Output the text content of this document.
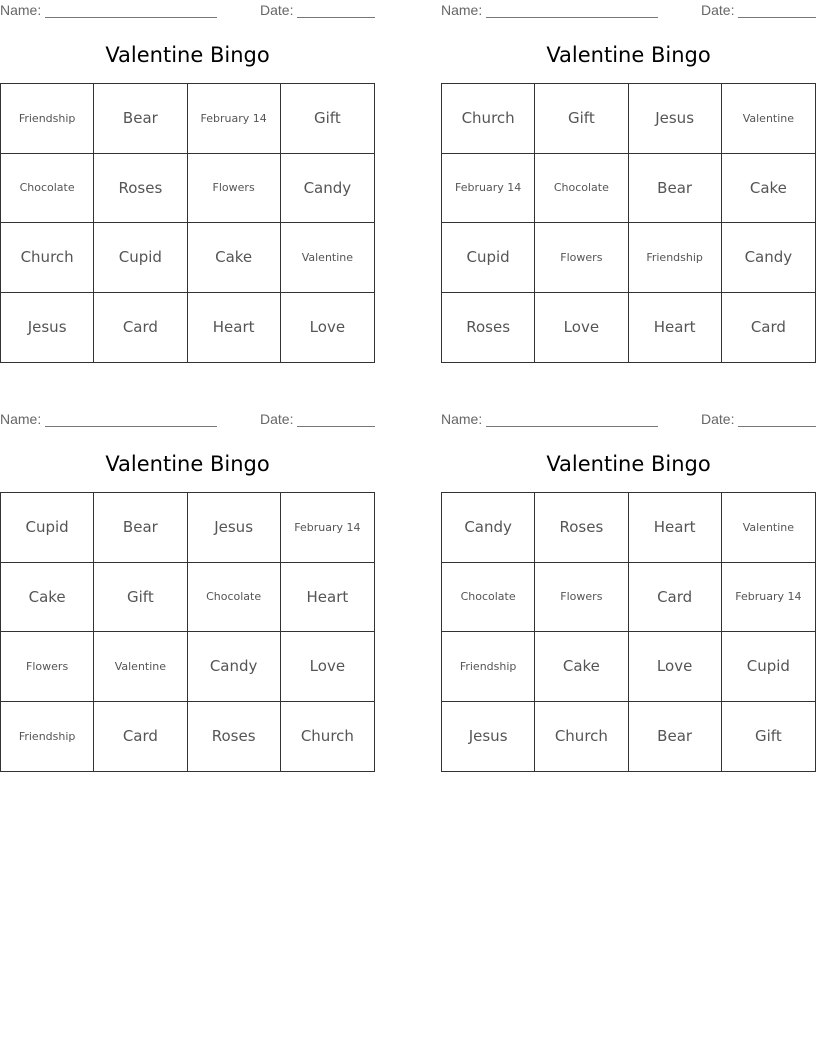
Name:	Date:
Valentine Bingo
Friendship	Bear	February 14	Gift
Chocolate	Roses	Flowers	Candy
Church	Cupid	Cake	Valentine
Jesus	Card	Heart	Love
Name:	Date:
Valentine Bingo
Church	Gift	Jesus	Valentine
February 14	Chocolate	Bear	Cake
Cupid	Flowers	Friendship	Candy
Roses	Love	Heart	Card
Name:	Date:
Valentine Bingo
Cupid	Bear	Jesus	February 14
Cake	Gift	Chocolate	Heart
Flowers	Valentine	Candy	Love
Friendship	Card	Roses	Church
Name:	Date:
Valentine Bingo
Candy	Roses	Heart	Valentine
Chocolate	Flowers	Card	February 14
Friendship	Cake	Love	Cupid
Jesus	Church	Bear	Gift
